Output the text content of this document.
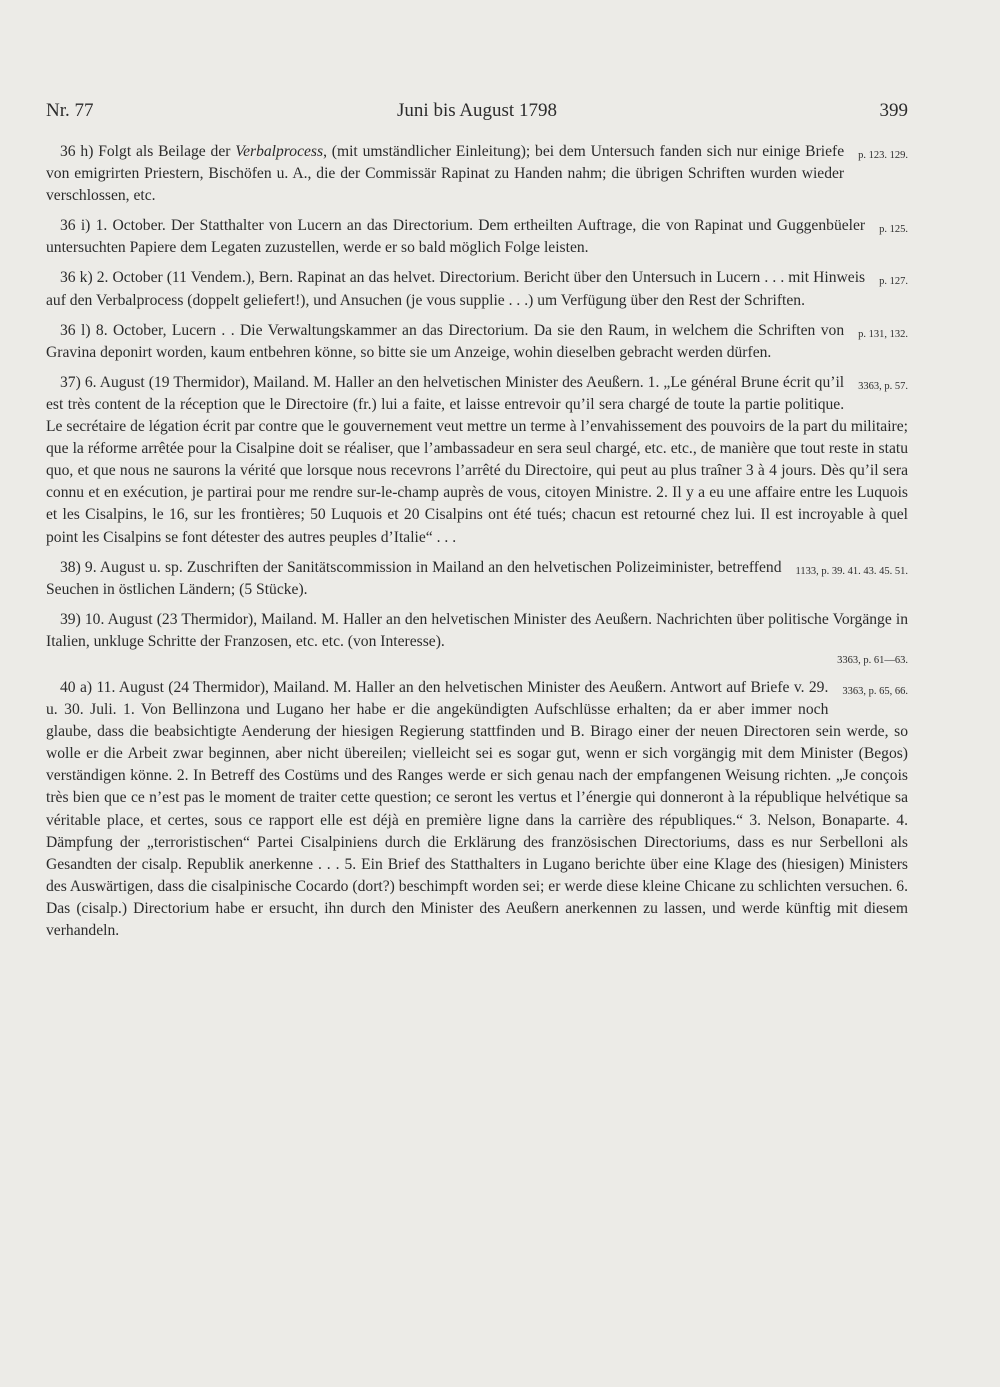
Nr. 77	Juni bis August 1798	399

p. 123. 129.
36 h) Folgt als Beilage der Verbalprocess, (mit umständlicher Einleitung); bei dem Untersuch fanden sich nur einige Briefe von emigrirten Priestern, Bischöfen u. A., die der Commissär Rapinat zu Handen nahm; die übrigen Schriften wurden wieder verschlossen, etc.

p. 125.
36 i) 1. October. Der Statthalter von Lucern an das Directorium. Dem ertheilten Auftrage, die von Rapinat und Guggenbüeler untersuchten Papiere dem Legaten zuzustellen, werde er so bald möglich Folge leisten.

p. 127.
36 k) 2. October (11 Vendem.), Bern. Rapinat an das helvet. Directorium. Bericht über den Untersuch in Lucern . . . mit Hinweis auf den Verbalprocess (doppelt geliefert!), und Ansuchen (je vous supplie . . .) um Verfügung über den Rest der Schriften.

p. 131, 132.
36 l) 8. October, Lucern . . Die Verwaltungskammer an das Directorium. Da sie den Raum, in welchem die Schriften von Gravina deponirt worden, kaum entbehren könne, so bitte sie um Anzeige, wohin dieselben gebracht werden dürfen.

3363, p. 57.
37) 6. August (19 Thermidor), Mailand. M. Haller an den helvetischen Minister des Aeußern. 1. „Le général Brune écrit qu’il est très content de la réception que le Directoire (fr.) lui a faite, et laisse entrevoir qu’il sera chargé de toute la partie politique. Le secrétaire de légation écrit par contre que le gouvernement veut mettre un terme à l’envahissement des pouvoirs de la part du militaire; que la réforme arrêtée pour la Cisalpine doit se réaliser, que l’ambassadeur en sera seul chargé, etc. etc., de manière que tout reste in statu quo, et que nous ne saurons la vérité que lorsque nous recevrons l’arrêté du Directoire, qui peut au plus traîner 3 à 4 jours. Dès qu’il sera connu et en exécution, je partirai pour me rendre sur-le-champ auprès de vous, citoyen Ministre. 2. Il y a eu une affaire entre les Luquois et les Cisalpins, le 16, sur les frontières; 50 Luquois et 20 Cisalpins ont été tués; chacun est retourné chez lui. Il est incroyable à quel point les Cisalpins se font détester des autres peuples d’Italie“ . . .

1133, p. 39. 41. 43. 45. 51.
38) 9. August u. sp. Zuschriften der Sanitätscommission in Mailand an den helvetischen Polizeiminister, betreffend Seuchen in östlichen Ländern; (5 Stücke).

39) 10. August (23 Thermidor), Mailand. M. Haller an den helvetischen Minister des Aeußern. Nachrichten über politische Vorgänge in Italien, unkluge Schritte der Franzosen, etc. etc. (von Interesse).
3363, p. 61—63.

3363, p. 65, 66.
40 a) 11. August (24 Thermidor), Mailand. M. Haller an den helvetischen Minister des Aeußern. Antwort auf Briefe v. 29. u. 30. Juli. 1. Von Bellinzona und Lugano her habe er die angekündigten Aufschlüsse erhalten; da er aber immer noch glaube, dass die beabsichtigte Aenderung der hiesigen Regierung stattfinden und B. Birago einer der neuen Directoren sein werde, so wolle er die Arbeit zwar beginnen, aber nicht übereilen; vielleicht sei es sogar gut, wenn er sich vorgängig mit dem Minister (Begos) verständigen könne. 2. In Betreff des Costüms und des Ranges werde er sich genau nach der empfangenen Weisung richten. „Je conçois très bien que ce n’est pas le moment de traiter cette question; ce seront les vertus et l’énergie qui donneront à la république helvétique sa véritable place, et certes, sous ce rapport elle est déjà en première ligne dans la carrière des républiques.“ 3. Nelson, Bonaparte. 4. Dämpfung der „terroristischen“ Partei Cisalpiniens durch die Erklärung des französischen Directoriums, dass es nur Serbelloni als Gesandten der cisalp. Republik anerkenne . . . 5. Ein Brief des Statthalters in Lugano berichte über eine Klage des (hiesigen) Ministers des Auswärtigen, dass die cisalpinische Cocardo (dort?) beschimpft worden sei; er werde diese kleine Chicane zu schlichten versuchen. 6. Das (cisalp.) Directorium habe er ersucht, ihn durch den Minister des Aeußern anerkennen zu lassen, und werde künftig mit diesem verhandeln.
